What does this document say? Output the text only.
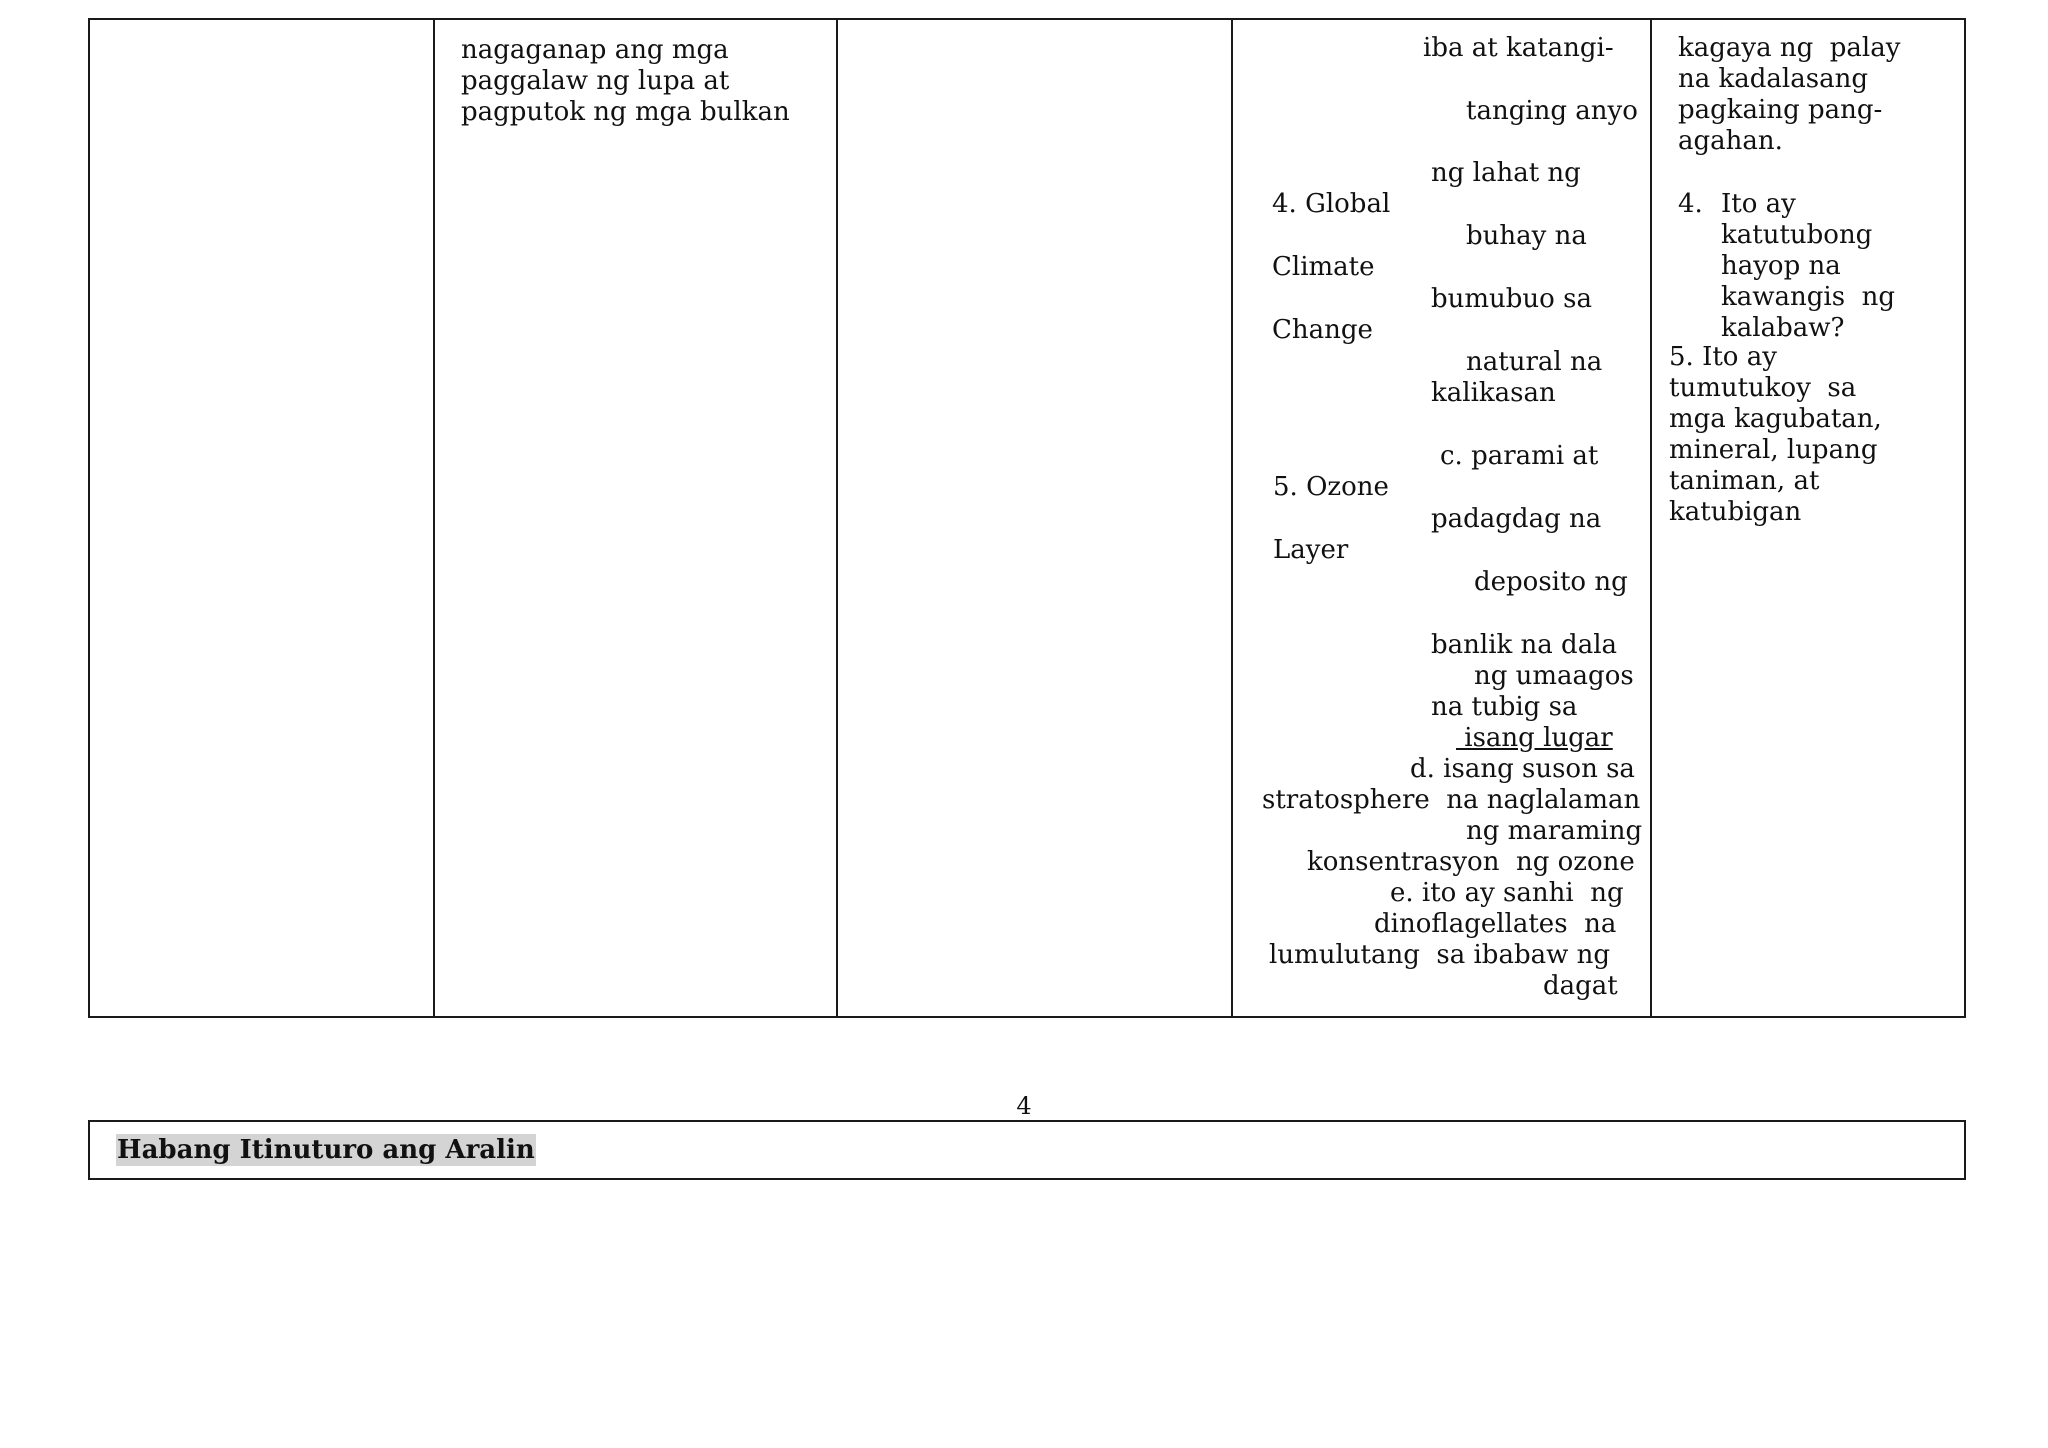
nagaganap ang mga
paggalaw ng lupa at
pagputok ng mga bulkan
iba at katangi-
tanging anyo
ng lahat ng
buhay na
bumubuo sa
natural na
kalikasan
c. parami at
padagdag na
deposito ng
banlik na dala
ng umaagos
na tubig sa
isang lugar
d. isang suson sa
stratosphere  na naglalaman
ng maraming
konsentrasyon  ng ozone
e. ito ay sanhi  ng
dinoflagellates  na
lumulutang  sa ibabaw ng
dagat
4. Global
Climate
Change
5. Ozone
Layer
kagaya ng  palay
na kadalasang
pagkaing pang-
agahan.
4. Ito ay
katutubong
hayop na
kawangis  ng
kalabaw?
5. Ito ay
tumutukoy  sa
mga kagubatan,
mineral, lupang
taniman, at
katubigan
4
Habang Itinuturo ang Aralin
